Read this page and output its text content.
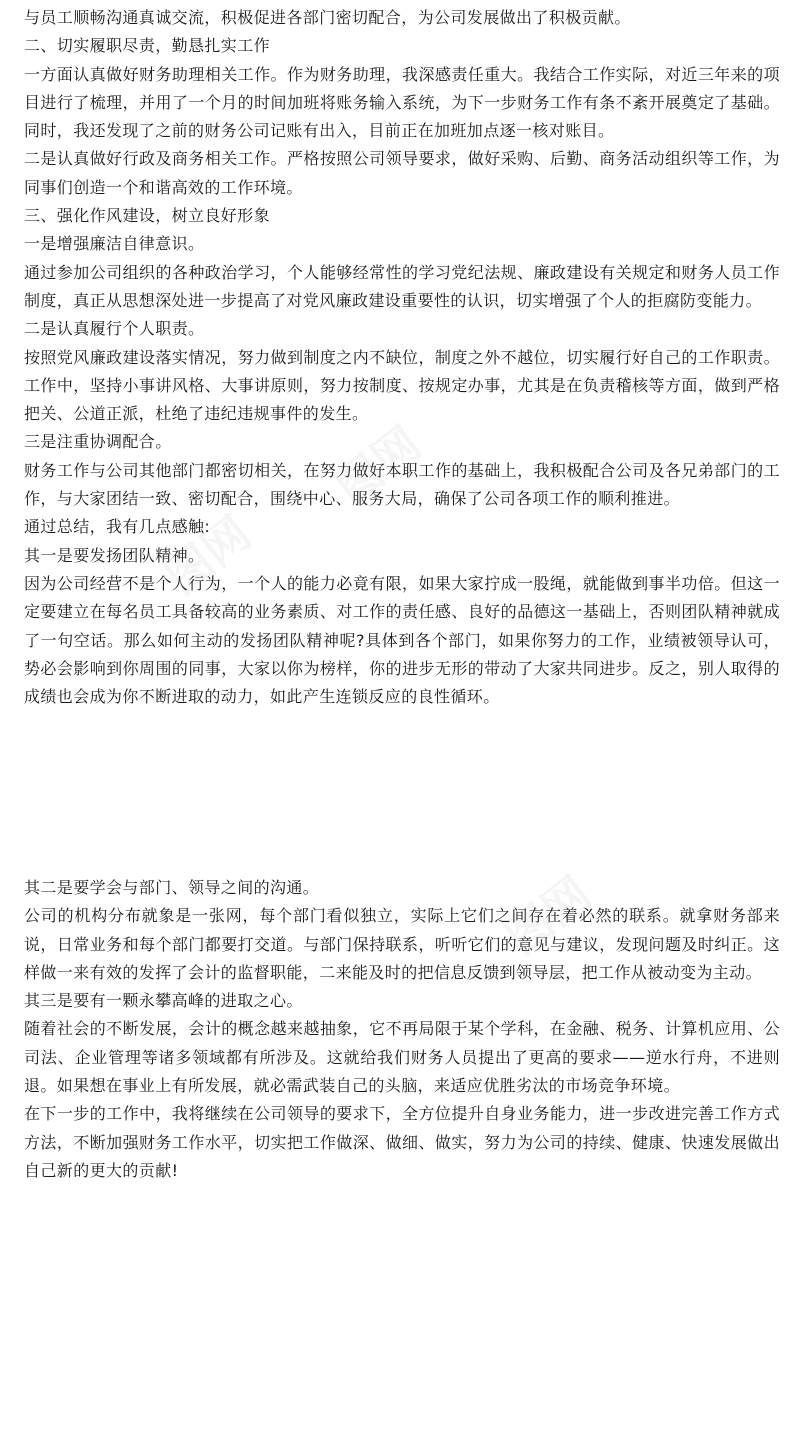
与员工顺畅沟通真诚交流，积极促进各部门密切配合，为公司发展做出了积极贡献。

二、切实履职尽责，勤恳扎实工作

一方面认真做好财务助理相关工作。作为财务助理，我深感责任重大。我结合工作实际，对近三年来的项目进行了梳理，并用了一个月的时间加班将账务输入系统，为下一步财务工作有条不紊开展奠定了基础。同时，我还发现了之前的财务公司记账有出入，目前正在加班加点逐一核对账目。

二是认真做好行政及商务相关工作。严格按照公司领导要求，做好采购、后勤、商务活动组织等工作，为同事们创造一个和谐高效的工作环境。

三、强化作风建设，树立良好形象

一是增强廉洁自律意识。

通过参加公司组织的各种政治学习，个人能够经常性的学习党纪法规、廉政建设有关规定和财务人员工作制度，真正从思想深处进一步提高了对党风廉政建设重要性的认识，切实增强了个人的拒腐防变能力。

二是认真履行个人职责。

按照党风廉政建设落实情况，努力做到制度之内不缺位，制度之外不越位，切实履行好自己的工作职责。工作中，坚持小事讲风格、大事讲原则，努力按制度、按规定办事，尤其是在负责稽核等方面，做到严格把关、公道正派，杜绝了违纪违规事件的发生。

三是注重协调配合。

财务工作与公司其他部门都密切相关，在努力做好本职工作的基础上，我积极配合公司及各兄弟部门的工作，与大家团结一致、密切配合，围绕中心、服务大局，确保了公司各项工作的顺利推进。

通过总结，我有几点感触:

其一是要发扬团队精神。

因为公司经营不是个人行为，一个人的能力必竟有限，如果大家拧成一股绳，就能做到事半功倍。但这一定要建立在每名员工具备较高的业务素质、对工作的责任感、良好的品德这一基础上，否则团队精神就成了一句空话。那么如何主动的发扬团队精神呢?具体到各个部门，如果你努力的工作，业绩被领导认可，势必会影响到你周围的同事，大家以你为榜样，你的进步无形的带动了大家共同进步。反之，别人取得的成绩也会成为你不断进取的动力，如此产生连锁反应的良性循环。

其二是要学会与部门、领导之间的沟通。

公司的机构分布就象是一张网，每个部门看似独立，实际上它们之间存在着必然的联系。就拿财务部来说，日常业务和每个部门都要打交道。与部门保持联系，听听它们的意见与建议，发现问题及时纠正。这样做一来有效的发挥了会计的监督职能，二来能及时的把信息反馈到领导层，把工作从被动变为主动。

其三是要有一颗永攀高峰的进取之心。

随着社会的不断发展，会计的概念越来越抽象，它不再局限于某个学科，在金融、税务、计算机应用、公司法、企业管理等诸多领域都有所涉及。这就给我们财务人员提出了更高的要求——逆水行舟，不进则退。如果想在事业上有所发展，就必需武装自己的头脑，来适应优胜劣汰的市场竞争环境。

在下一步的工作中，我将继续在公司领导的要求下，全方位提升自身业务能力，进一步改进完善工作方式方法，不断加强财务工作水平，切实把工作做深、做细、做实，努力为公司的持续、健康、快速发展做出自己新的更大的贡献!

图网
图网
图网
